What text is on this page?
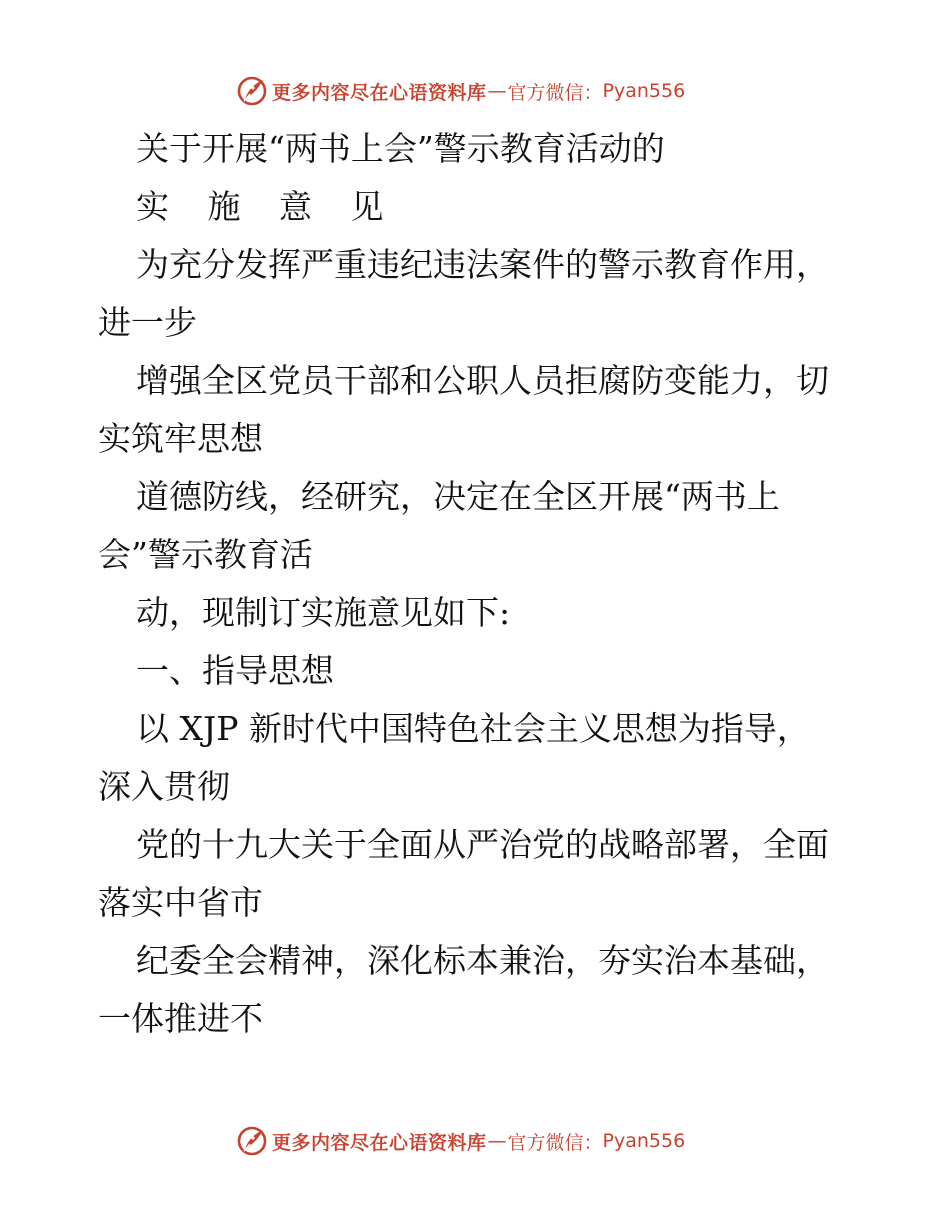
更多内容尽在心语资料库 — 官方微信： Pyan556
关于开展“两书上会”警示教育活动的
实 施 意 见
为充分发挥严重违纪违法案件的警示教育作用，
进一步
增强全区党员干部和公职人员拒腐防变能力，切
实筑牢思想
道德防线，经研究，决定在全区开展“两书上
会”警示教育活
动，现制订实施意见如下:
一、指导思想
以 XJP 新时代中国特色社会主义思想为指导，
深入贯彻
党的十九大关于全面从严治党的战略部署，全面
落实中省市
纪委全会精神，深化标本兼治，夯实治本基础，
一体推进不
更多内容尽在心语资料库 — 官方微信： Pyan556
